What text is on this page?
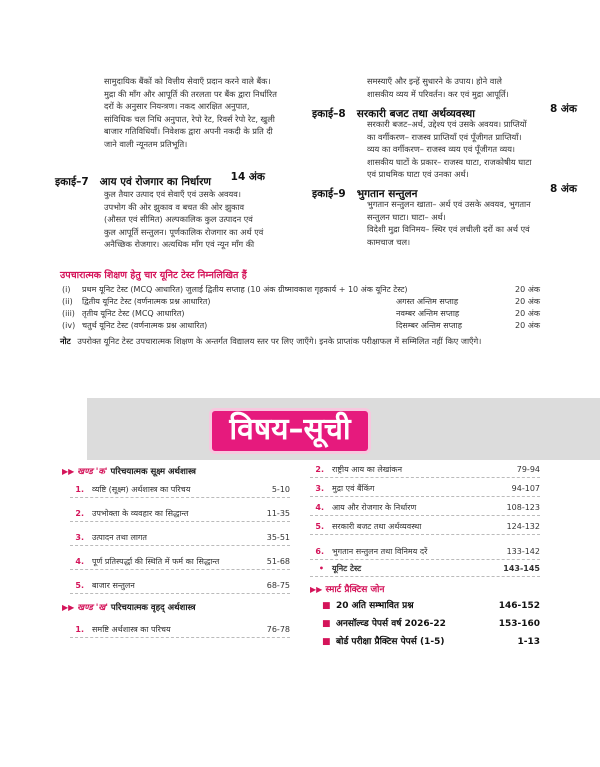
सामुदायिक बैंकों को वित्तीय सेवाएँ प्रदान करने वाले बैंक।
मुद्रा की माँग और आपूर्ति की तरलता पर बैंक द्वारा निर्धारित
दरों के अनुसार नियन्त्रण। नकद आरक्षित अनुपात,
सांविधिक चल निधि अनुपात, रेपो रेट, रिवर्स रेपो रेट, खुली
बाजार गतिविधियाँ। निवेशक द्वारा अपनी नकदी के प्रति दी
जाने वाली न्यूनतम प्रतिभूति।
इकाई–7 आय एवं रोजगार का निर्धारण 14 अंक
कुल तैयार उत्पाद एवं सेवाएँ एवं उसके अवयव।
उपभोग की ओर झुकाव व बचत की ओर झुकाव
(औसत एवं सीमित) अल्पकालिक कुल उत्पादन एवं
कुल आपूर्ति सन्तुलन। पूर्णकालिक रोजगार का अर्थ एवं
अनैच्छिक रोजगार। अत्यधिक माँग एवं न्यून माँग की
समस्याएँ और इन्हें सुधारने के उपाय। होने वाले
शासकीय व्यय में परिवर्तन। कर एवं मुद्रा आपूर्ति।
इकाई–8 सरकारी बजट तथा अर्थव्यवस्था	8 अंक
सरकारी बजट–अर्थ, उद्देश्य एवं उसके अवयव। प्राप्तियों
का वर्गीकरण– राजस्व प्राप्तियाँ एवं पूँजीगत प्राप्तियाँ।
व्यय का वर्गीकरण– राजस्व व्यय एवं पूँजीगत व्यय।
शासकीय घाटों के प्रकार– राजस्व घाटा, राजकोषीय घाटा
एवं प्राथमिक घाटा एवं उनका अर्थ।
इकाई–9 भुगतान सन्तुलन	8 अंक
भुगतान सन्तुलन खाता– अर्थ एवं उसके अवयव, भुगतान
सन्तुलन घाटा। घाटा– अर्थ।
विदेशी मुद्रा विनिमय– स्थिर एवं लचीली दरों का अर्थ एवं
कामचाज चल।
उपचारात्मक शिक्षण हेतु चार यूनिट टेस्ट निम्नलिखित हैं
(i) प्रथम यूनिट टेस्ट (MCQ आधारित) जुलाई द्वितीय सप्ताह (10 अंक ग्रीष्मावकाश गृहकार्य + 10 अंक यूनिट टेस्ट)	20 अंक
(ii) द्वितीय यूनिट टेस्ट (वर्णनात्मक प्रश्न आधारित)	अगस्त अन्तिम सप्ताह	20 अंक
(iii) तृतीय यूनिट टेस्ट (MCQ आधारित)	नवम्बर अन्तिम सप्ताह	20 अंक
(iv) चतुर्थ यूनिट टेस्ट (वर्णनात्मक प्रश्न आधारित)	दिसम्बर अन्तिम सप्ताह	20 अंक
नोट उपरोक्त यूनिट टेस्ट उपचारात्मक शिक्षण के अन्तर्गत विद्यालय स्तर पर लिए जाएँगे। इनके प्राप्तांक परीक्षाफल में सम्मिलित नहीं किए जाएँगे।
विषय–सूची
▶▶ खण्ड 'क' परिचयात्मक सूक्ष्म अर्थशास्त्र
1. व्यष्टि (सूक्ष्म) अर्थशास्त्र का परिचय	5-10
2. उपभोक्ता के व्यवहार का सिद्धान्त	11-35
3. उत्पादन तथा लागत	35-51
4. पूर्ण प्रतिस्पर्द्धा की स्थिति में फर्म का सिद्धान्त	51-68
5. बाजार सन्तुलन	68-75
▶▶ खण्ड 'ख' परिचयात्मक वृहद् अर्थशास्त्र
1. समष्टि अर्थशास्त्र का परिचय	76-78
2. राष्ट्रीय आय का लेखांकन	79-94
3. मुद्रा एवं बैंकिंग	94-107
4. आय और रोजगार के निर्धारण	108-123
5. सरकारी बजट तथा अर्थव्यवस्था	124-132
6. भुगतान सन्तुलन तथा विनिमय दरें	133-142
• यूनिट टेस्ट	143-145
▶▶ स्मार्ट प्रैक्टिस जोन
■ 20 अति सम्भावित प्रश्न	146-152
■ अनसॉल्व्ड पेपर्स वर्ष 2026-22	153-160
■ बोर्ड परीक्षा प्रैक्टिस पेपर्स (1-5)	1-13
